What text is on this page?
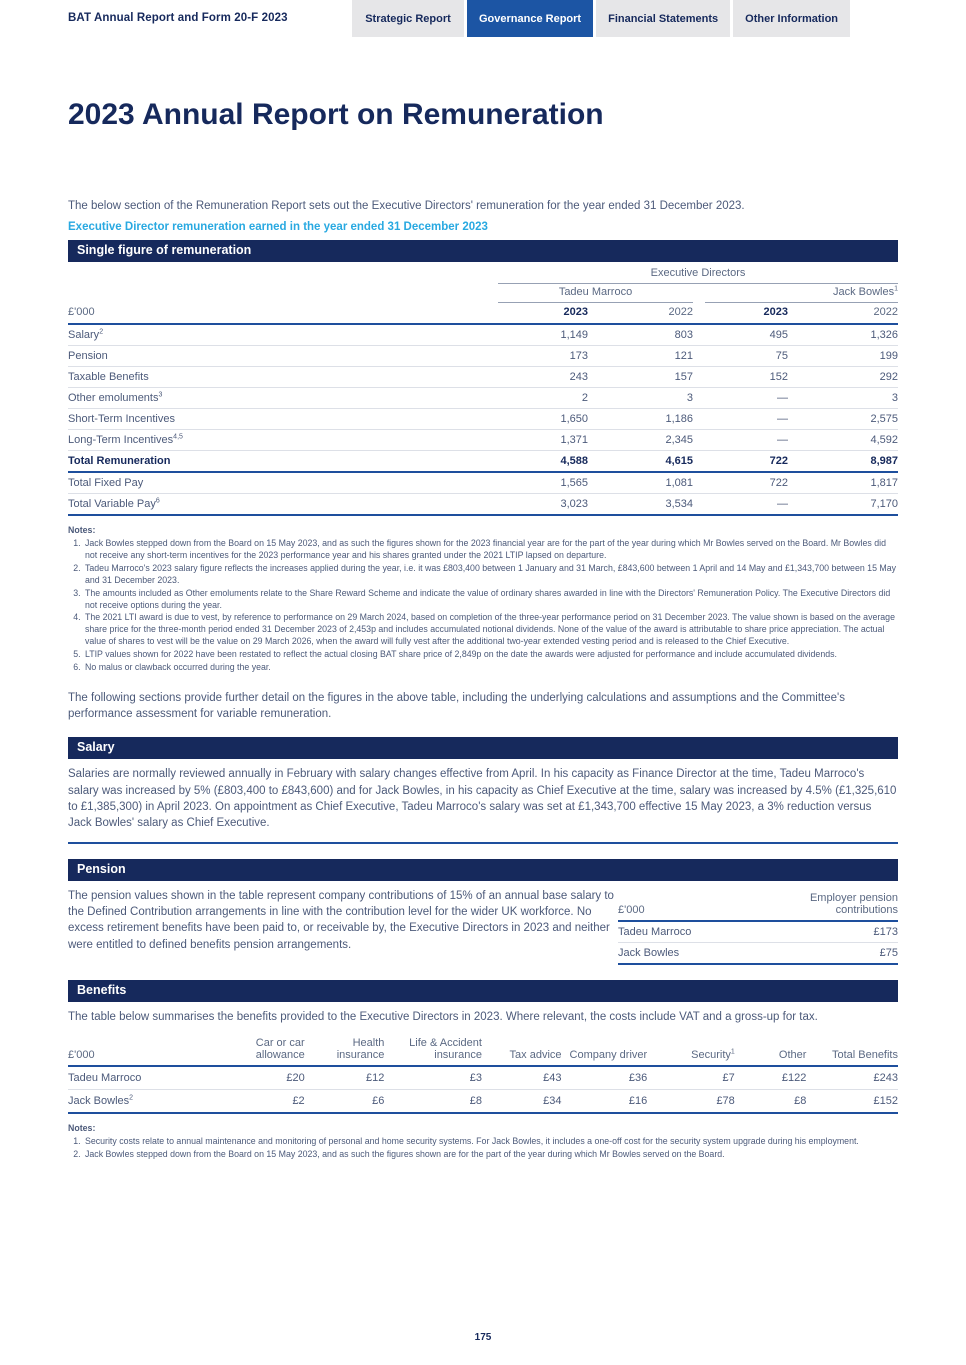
BAT Annual Report and Form 20-F 2023	Strategic Report	Governance Report	Financial Statements	Other Information
2023 Annual Report on Remuneration

The below section of the Remuneration Report sets out the Executive Directors' remuneration for the year ended 31 December 2023.

Executive Director remuneration earned in the year ended 31 December 2023
Single figure of remuneration

	Executive Directors			

	Tadeu Marroco		Jack Bowles$^1$

£'000	2023	2022	2023	2022
Salary$^2$	1,149	803	495	1,326
Pension	173	121	75	199
Taxable Benefits	243	157	152	292
Other emoluments$^3$	2	3	—	3
Short-Term Incentives	1,650	1,186	—	2,575
Long-Term Incentives$^{4,5}$	1,371	2,345	—	4,592
Total Remuneration	4,588	4,615	722	8,987
Total Fixed Pay	1,565	1,081	722	1,817
Total Variable Pay$^6$	3,023	3,534	—	7,170
Notes:
1. Jack Bowles stepped down from the Board on 15 May 2023, and as such the figures shown for the 2023 financial year are for the part of the year during which Mr Bowles served on the Board. Mr Bowles did not receive any short-term incentives for the 2023 performance year and his shares granted under the 2021 LTIP lapsed on departure.
2. Tadeu Marroco's 2023 salary figure reflects the increases applied during the year, i.e. it was £803,400 between 1 January and 31 March, £843,600 between 1 April and 14 May and £1,343,700 between 15 May and 31 December 2023.
3. The amounts included as Other emoluments relate to the Share Reward Scheme and indicate the value of ordinary shares awarded in line with the Directors' Remuneration Policy. The Executive Directors did not receive options during the year.
4. The 2021 LTI award is due to vest, by reference to performance on 29 March 2024, based on completion of the three-year performance period on 31 December 2023. The value shown is based on the average share price for the three-month period ended 31 December 2023 of 2,453p and includes accumulated notional dividends. None of the value of the award is attributable to share price appreciation. The actual value of shares to vest will be the value on 29 March 2026, when the award will fully vest after the additional two-year extended vesting period and is released to the Chief Executive.
5. LTIP values shown for 2022 have been restated to reflect the actual closing BAT share price of 2,849p on the date the awards were adjusted for performance and include accumulated dividends.
6. No malus or clawback occurred during the year.

The following sections provide further detail on the figures in the above table, including the underlying calculations and assumptions and the Committee's performance assessment for variable remuneration.

Salary

Salaries are normally reviewed annually in February with salary changes effective from April. In his capacity as Finance Director at the time, Tadeu Marroco's salary was increased by 5% (£803,400 to £843,600) and for Jack Bowles, in his capacity as Chief Executive at the time, salary was increased by 4.5% (£1,325,610 to £1,385,300) in April 2023. On appointment as Chief Executive, Tadeu Marroco's salary was set at £1,343,700 effective 15 May 2023, a 3% reduction versus Jack Bowles' salary as Chief Executive.

Pension

The pension values shown in the table represent company contributions of 15% of an annual base salary to the Defined Contribution arrangements in line with the contribution level for the wider UK workforce. No excess retirement benefits have been paid to, or receivable by, the Executive Directors in 2023 and neither were entitled to defined benefits pension arrangements.

£'000	Employer pension contributions
Tadeu Marroco	£173
Jack Bowles	£75
Benefits

The table below summarises the benefits provided to the Executive Directors in 2023. Where relevant, the costs include VAT and a gross-up for tax.

£'000	Car or car allowance	Health insurance	Life & Accident insurance	Tax advice	Company driver	Security$^1$	Other	Total Benefits
Tadeu Marroco	£20	£12	£3	£43	£36	£7	£122	£243
Jack Bowles$^2$	£2	£6	£8	£34	£16	£78	£8	£152
Notes:
1. Security costs relate to annual maintenance and monitoring of personal and home security systems. For Jack Bowles, it includes a one-off cost for the security system upgrade during his employment.
2. Jack Bowles stepped down from the Board on 15 May 2023, and as such the figures shown are for the part of the year during which Mr Bowles served on the Board.
175
